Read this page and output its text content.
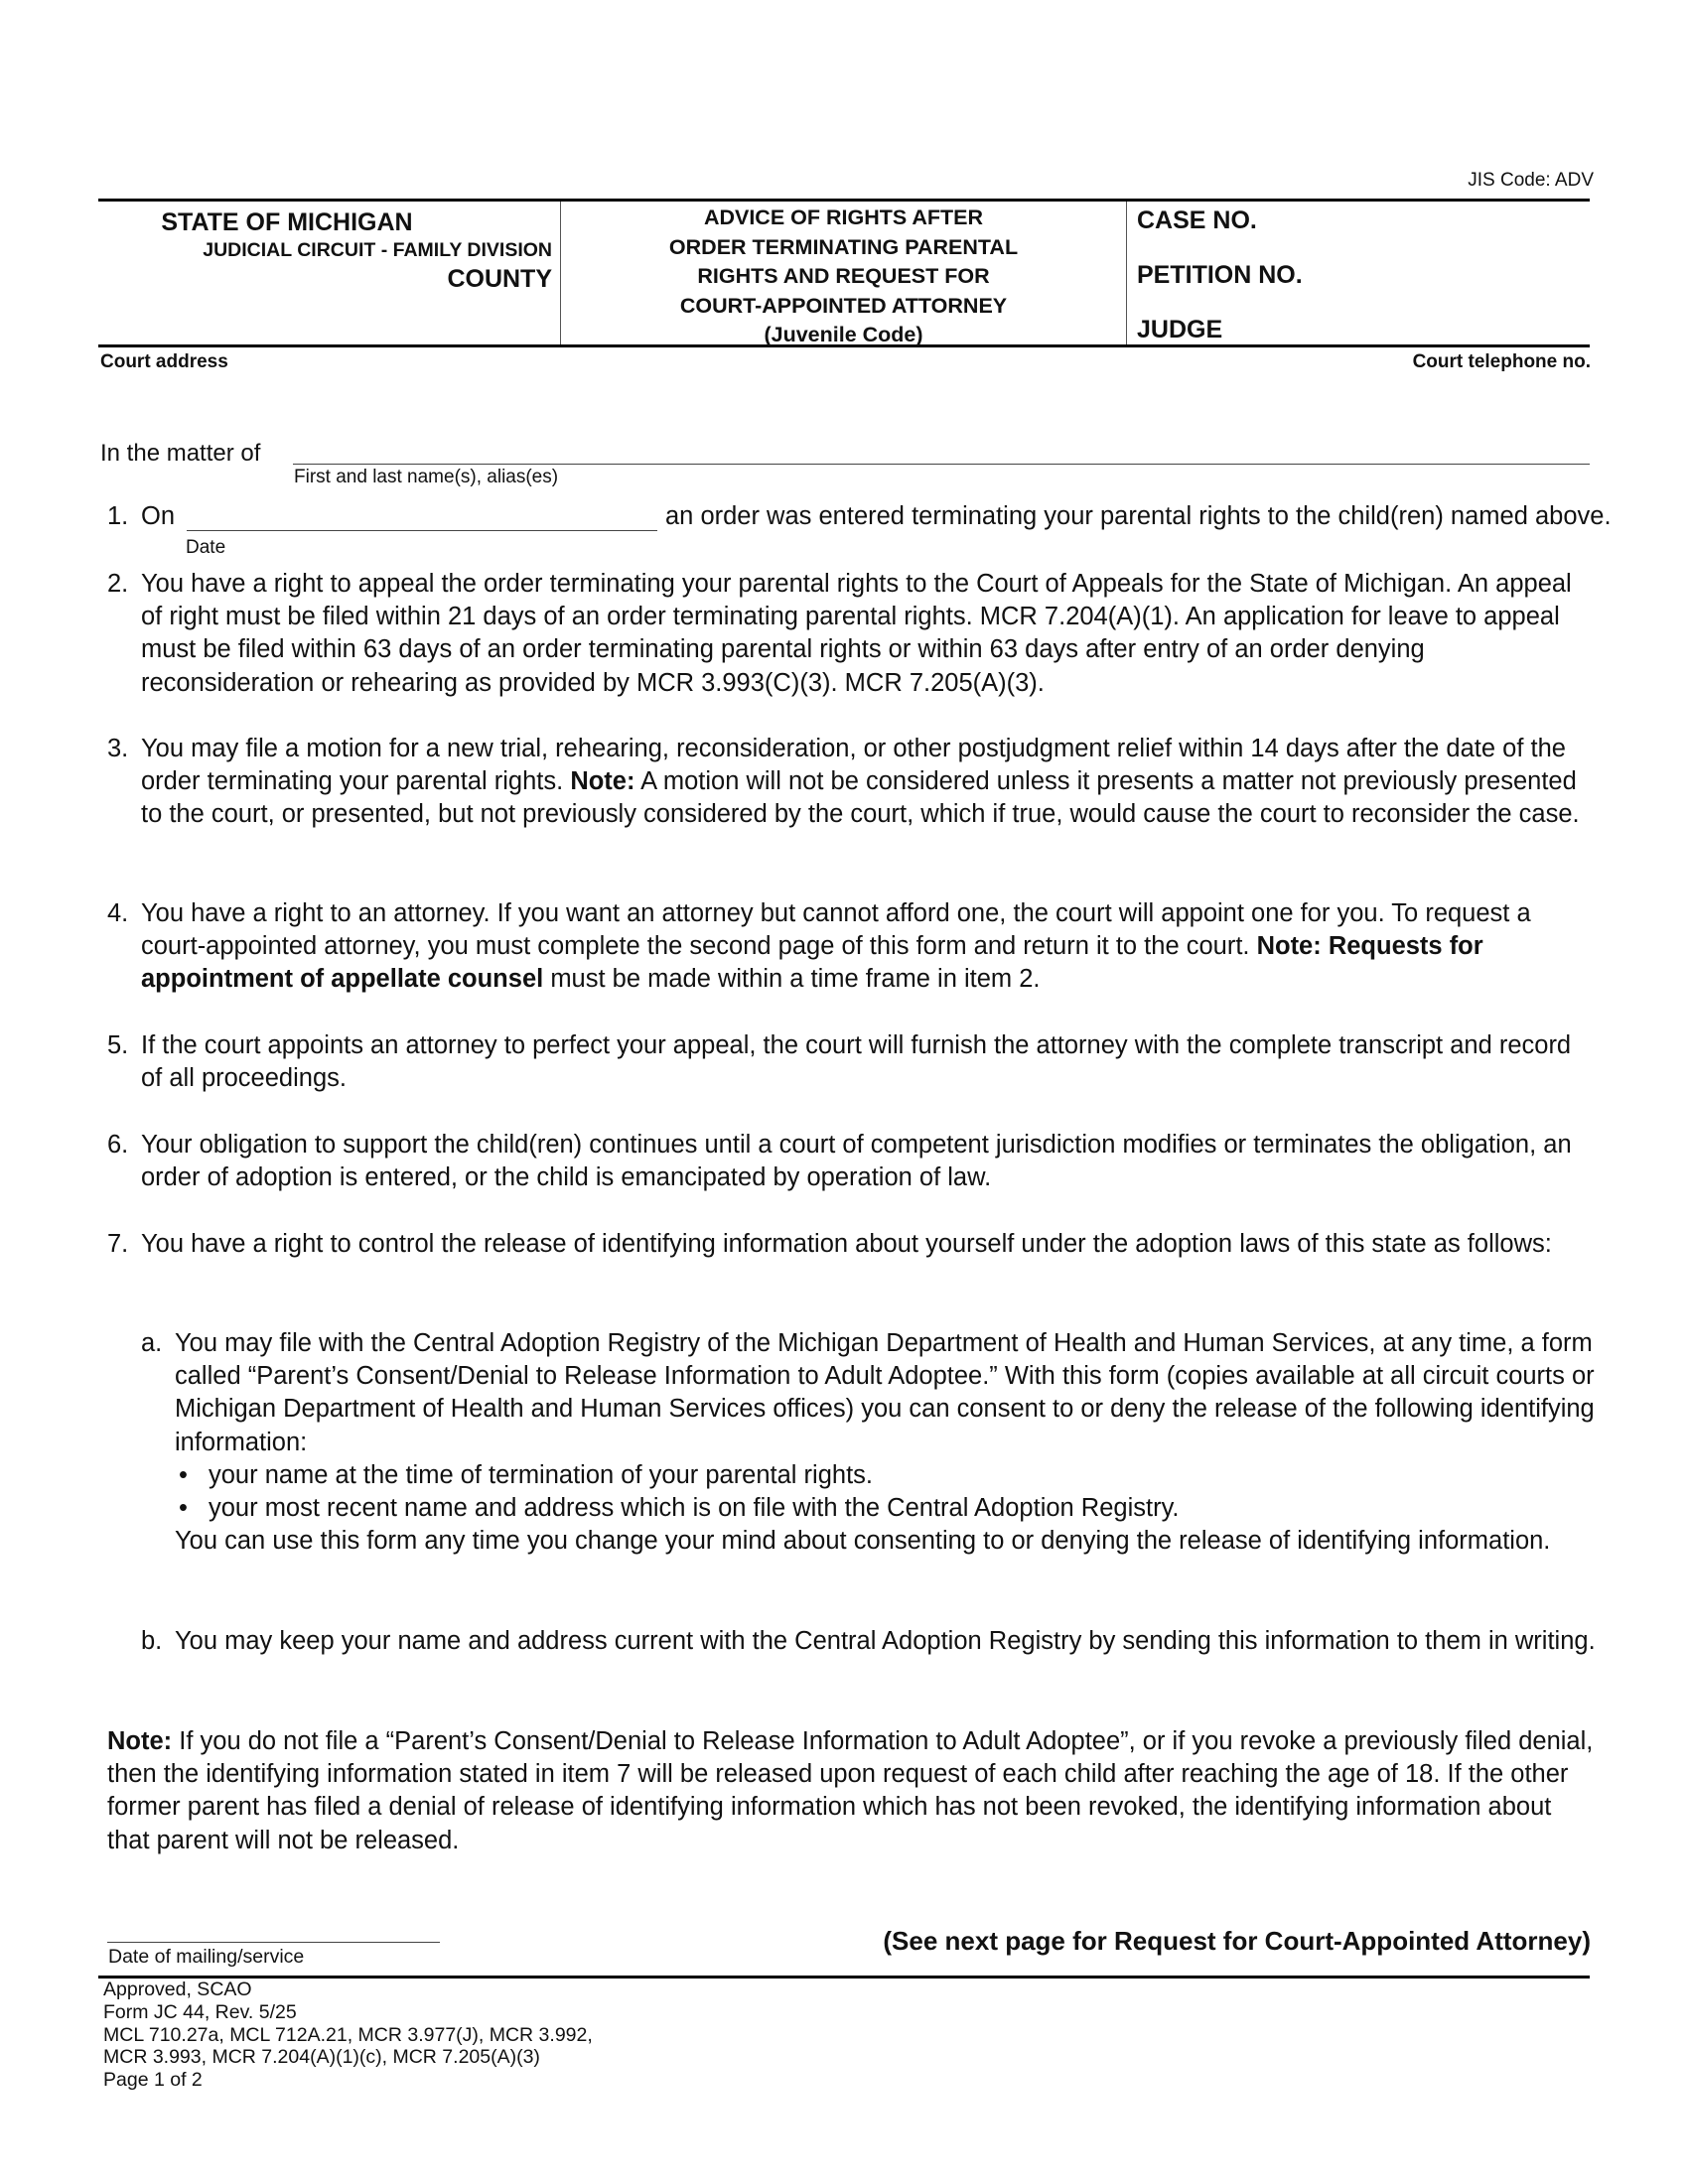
JIS Code: ADV
STATE OF MICHIGAN
JUDICIAL CIRCUIT - FAMILY DIVISION
COUNTY
ADVICE OF RIGHTS AFTER
ORDER TERMINATING PARENTAL
RIGHTS AND REQUEST FOR
COURT-APPOINTED ATTORNEY
(Juvenile Code)
CASE NO.
PETITION NO.
JUDGE
Court address	Court telephone no.
In the matter of
First and last name(s), alias(es)
1. On
Date
an order was entered terminating your parental rights to the child(ren) named above.
2. You have a right to appeal the order terminating your parental rights to the Court of Appeals for the State of Michigan. An appeal of right must be filed within 21 days of an order terminating parental rights. MCR 7.204(A)(1). An application for leave to appeal must be filed within 63 days of an order terminating parental rights or within 63 days after entry of an order denying reconsideration or rehearing as provided by MCR 3.993(C)(3). MCR 7.205(A)(3).
3. You may file a motion for a new trial, rehearing, reconsideration, or other postjudgment relief within 14 days after the date of the order terminating your parental rights. Note: A motion will not be considered unless it presents a matter not previously presented to the court, or presented, but not previously considered by the court, which if true, would cause the court to reconsider the case.
4. You have a right to an attorney. If you want an attorney but cannot afford one, the court will appoint one for you. To request a court-appointed attorney, you must complete the second page of this form and return it to the court. Note: Requests for appointment of appellate counsel must be made within a time frame in item 2.
5. If the court appoints an attorney to perfect your appeal, the court will furnish the attorney with the complete transcript and record of all proceedings.
6. Your obligation to support the child(ren) continues until a court of competent jurisdiction modifies or terminates the obligation, an order of adoption is entered, or the child is emancipated by operation of law.
7. You have a right to control the release of identifying information about yourself under the adoption laws of this state as follows:
a. You may file with the Central Adoption Registry of the Michigan Department of Health and Human Services, at any time, a form called “Parent’s Consent/Denial to Release Information to Adult Adoptee.” With this form (copies available at all circuit courts or Michigan Department of Health and Human Services offices) you can consent to or deny the release of the following identifying information:
• your name at the time of termination of your parental rights.
• your most recent name and address which is on file with the Central Adoption Registry.
You can use this form any time you change your mind about consenting to or denying the release of identifying information.
b. You may keep your name and address current with the Central Adoption Registry by sending this information to them in writing.
Note: If you do not file a “Parent’s Consent/Denial to Release Information to Adult Adoptee”, or if you revoke a previously filed denial, then the identifying information stated in item 7 will be released upon request of each child after reaching the age of 18. If the other former parent has filed a denial of release of identifying information which has not been revoked, the identifying information about that parent will not be released.
Date of mailing/service
(See next page for Request for Court-Appointed Attorney)
Approved, SCAO
Form JC 44, Rev. 5/25
MCL 710.27a, MCL 712A.21, MCR 3.977(J), MCR 3.992,
MCR 3.993, MCR 7.204(A)(1)(c), MCR 7.205(A)(3)
Page 1 of 2
